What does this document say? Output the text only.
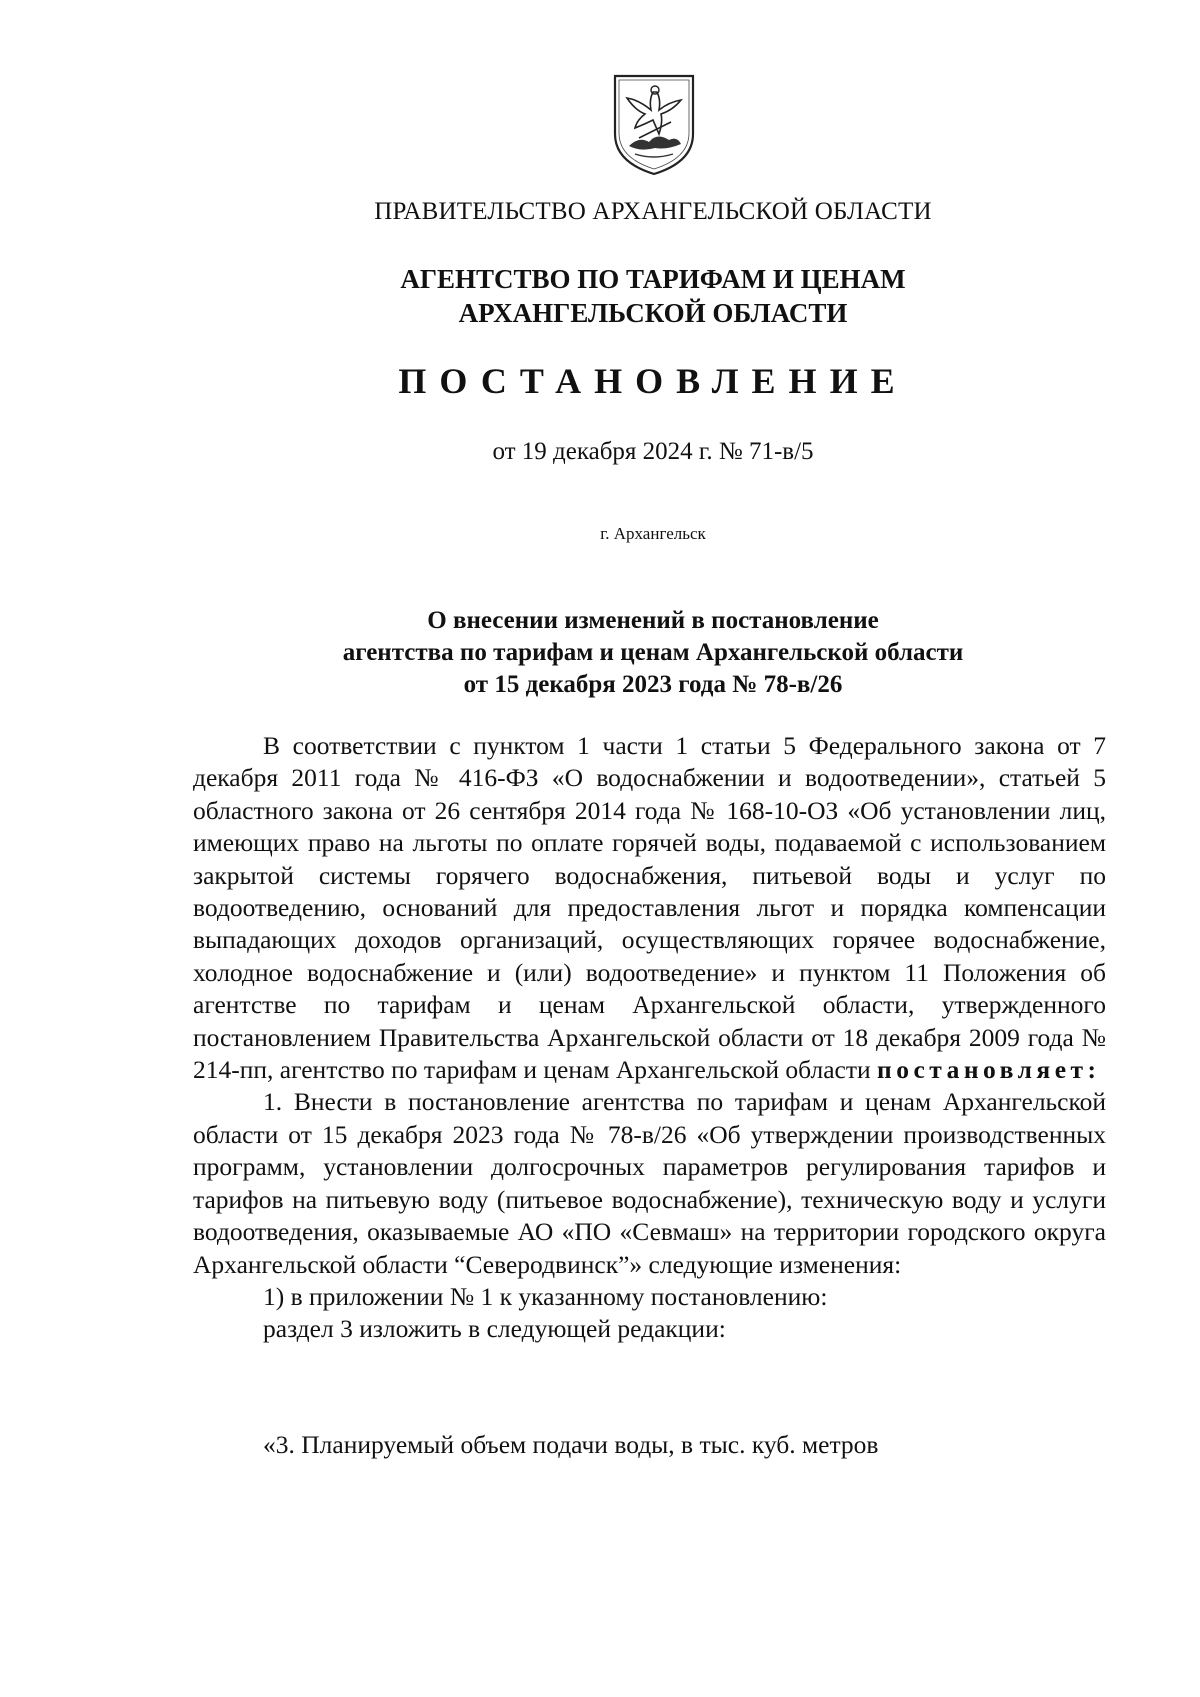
ПРАВИТЕЛЬСТВО АРХАНГЕЛЬСКОЙ ОБЛАСТИ
АГЕНТСТВО ПО ТАРИФАМ И ЦЕНАМ
АРХАНГЕЛЬСКОЙ ОБЛАСТИ
ПОСТАНОВЛЕНИЕ
от 19 декабря 2024 г. № 71-в/5
г. Архангельск
О внесении изменений в постановление
агентства по тарифам и ценам Архангельской области
от 15 декабря 2023 года № 78-в/26

В соответствии с пунктом 1 части 1 статьи 5 Федерального закона от 7 декабря 2011 года № 416-ФЗ «О водоснабжении и водоотведении», статьей 5 областного закона от 26 сентября 2014 года № 168-10-ОЗ «Об установлении лиц, имеющих право на льготы по оплате горячей воды, подаваемой с использованием закрытой системы горячего водоснабжения, питьевой воды и услуг по водоотведению, оснований для предоставления льгот и порядка компенсации выпадающих доходов организаций, осуществляющих горячее водоснабжение, холодное водоснабжение и (или) водоотведение» и пунктом 11 Положения об агентстве по тарифам и ценам Архангельской области, утвержденного постановлением Правительства Архангельской области от 18 декабря 2009 года № 214-пп, агентство по тарифам и ценам Архангельской области постановляет:

1. Внести в постановление агентства по тарифам и ценам Архангельской области от 15 декабря 2023 года № 78-в/26 «Об утверждении производственных программ, установлении долгосрочных параметров регулирования тарифов и тарифов на питьевую воду (питьевое водоснабжение), техническую воду и услуги водоотведения, оказываемые АО «ПО «Севмаш» на территории городского округа Архангельской области “Северодвинск”» следующие изменения:

1) в приложении № 1 к указанному постановлению:

раздел 3 изложить в следующей редакции:

«3. Планируемый объем подачи воды, в тыс. куб. метров
